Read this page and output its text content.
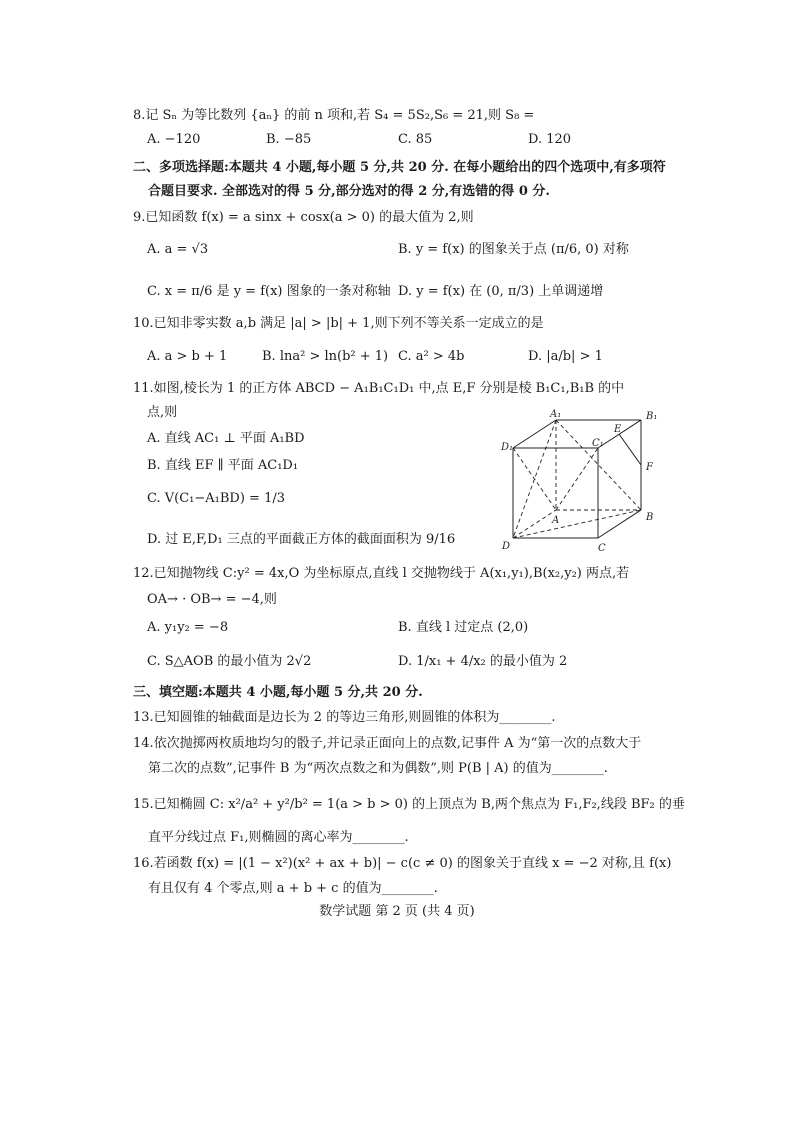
8.记 Sₙ 为等比数列 {aₙ} 的前 n 项和,若 S₄ = 5S₂,S₆ = 21,则 S₈ =
A. −120	B. −85	C. 85	D. 120
二、多项选择题:本题共 4 小题,每小题 5 分,共 20 分. 在每小题给出的四个选项中,有多项符
合题目要求. 全部选对的得 5 分,部分选对的得 2 分,有选错的得 0 分.
9.已知函数 f(x) = a sinx + cosx(a > 0) 的最大值为 2,则
A. a = √3	B. y = f(x) 的图象关于点 (π/6, 0) 对称
C. x = π/6 是 y = f(x) 图象的一条对称轴 D. y = f(x) 在 (0, π/3) 上单调递增
10.已知非零实数 a,b 满足 |a| > |b| + 1,则下列不等关系一定成立的是
A. a > b + 1	B. lna² > ln(b² + 1) C. a² > 4b	D. |a/b| > 1
11.如图,棱长为 1 的正方体 ABCD − A₁B₁C₁D₁ 中,点 E,F 分别是棱 B₁C₁,B₁B 的中
点,则
A. 直线 AC₁ ⊥ 平面 A₁BD
B. 直线 EF ∥ 平面 AC₁D₁
C. V(C₁−A₁BD) = 1/3
D. 过 E,F,D₁ 三点的平面截正方体的截面面积为 9/16
A₁	B₁
C₁
D₁
E
F
A	B
C
D
12.已知抛物线 C:y² = 4x,O 为坐标原点,直线 l 交抛物线于 A(x₁,y₁),B(x₂,y₂) 两点,若
OA→ · OB→ = −4,则
A. y₁y₂ = −8	B. 直线 l 过定点 (2,0)
C. S△AOB 的最小值为 2√2	D. 1/x₁ + 4/x₂ 的最小值为 2
三、填空题:本题共 4 小题,每小题 5 分,共 20 分.
13.已知圆锥的轴截面是边长为 2 的等边三角形,则圆锥的体积为________.
14.依次抛掷两枚质地均匀的骰子,并记录正面向上的点数,记事件 A 为“第一次的点数大于
第二次的点数”,记事件 B 为“两次点数之和为偶数”,则 P(B | A) 的值为________.
15.已知椭圆 C: x²/a² + y²/b² = 1(a > b > 0) 的上顶点为 B,两个焦点为 F₁,F₂,线段 BF₂ 的垂
直平分线过点 F₁,则椭圆的离心率为________.
16.若函数 f(x) = |(1 − x²)(x² + ax + b)| − c(c ≠ 0) 的图象关于直线 x = −2 对称,且 f(x)
有且仅有 4 个零点,则 a + b + c 的值为________.
数学试题 第 2 页 (共 4 页)
